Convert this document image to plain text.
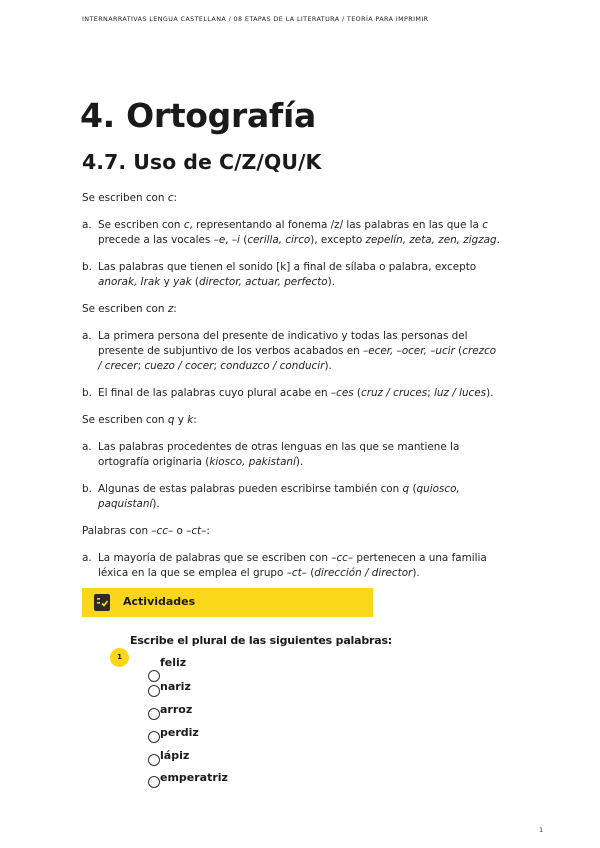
INTERNARRATIVAS LENGUA CASTELLANA / 08 ETAPAS DE LA LITERATURA / TEORÍA PARA IMPRIMIR
4. Ortografía
4.7. Uso de C/Z/QU/K

Se escriben con c:

a. Se escriben con c, representando al fonema /z/ las palabras en las que la c precede a las vocales –e, –i (cerilla, circo), excepto zepelín, zeta, zen, zigzag.
b. Las palabras que tienen el sonido [k] a final de sílaba o palabra, excepto anorak, Irak y yak (director, actuar, perfecto).

Se escriben con z:

a. La primera persona del presente de indicativo y todas las personas del presente de subjuntivo de los verbos acabados en –ecer, –ocer, –ucir (crezco / crecer; cuezo / cocer; conduzco / conducir).
b. El final de las palabras cuyo plural acabe en –ces (cruz / cruces; luz / luces).

Se escriben con q y k:

a. Las palabras procedentes de otras lenguas en las que se mantiene la ortografía originaria (kiosco, pakistaní).
b. Algunas de estas palabras pueden escribirse también con q (quiosco, paquistaní).

Palabras con –cc– o –ct–:

a. La mayoría de palabras que se escriben con –cc– pertenecen a una familia léxica en la que se emplea el grupo –ct– (dirección / director).
Actividades
Escribe el plural de las siguientes palabras:
1	feliz
nariz
arroz
perdiz
lápiz
emperatriz
1
